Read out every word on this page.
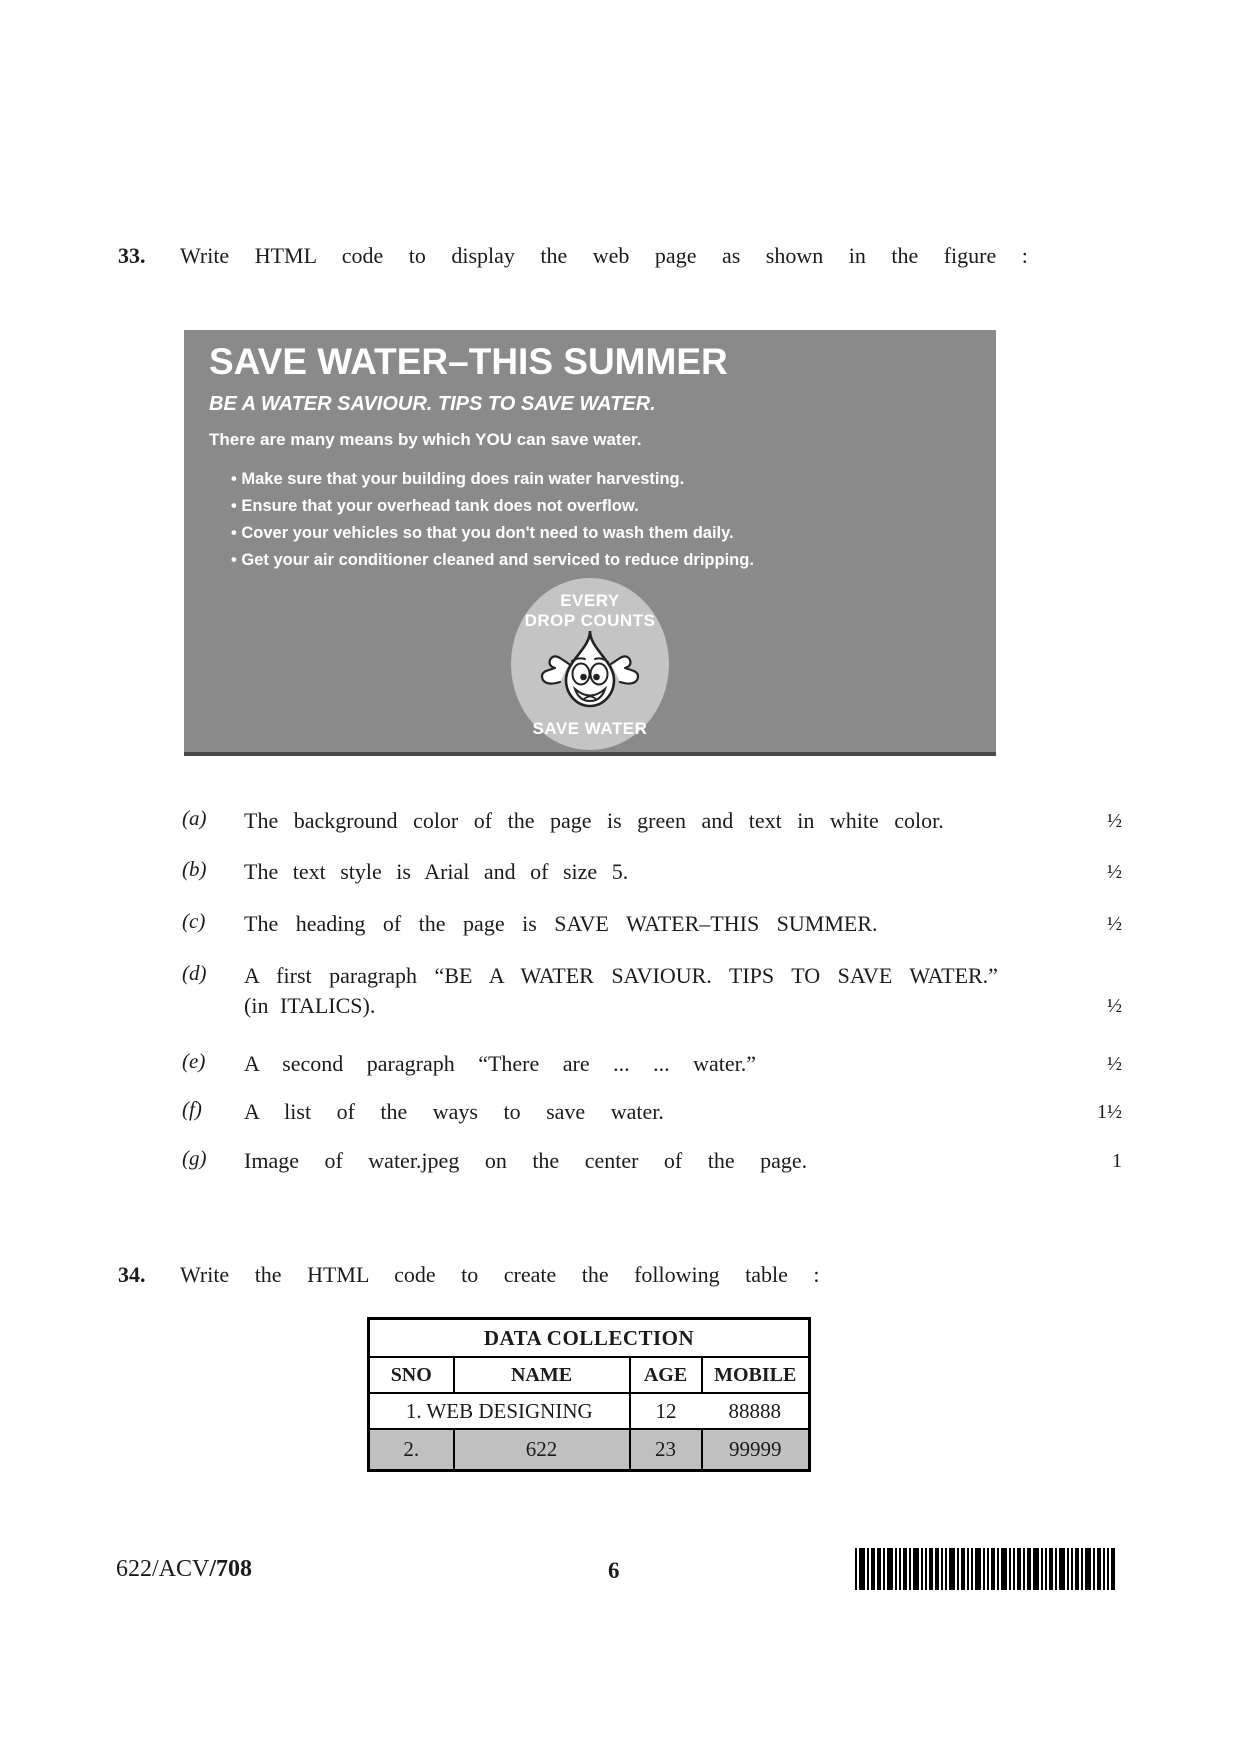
33. Write HTML code to display the web page as shown in the figure :
SAVE WATER–THIS SUMMER
BE A WATER SAVIOUR. TIPS TO SAVE WATER.
There are many means by which YOU can save water.
• Make sure that your building does rain water harvesting.
• Ensure that your overhead tank does not overflow.
• Cover your vehicles so that you don't need to wash them daily.
• Get your air conditioner cleaned and serviced to reduce dripping.
EVERY
DROP COUNTS
SAVE WATER
(a) The background color of the page is green and text in white color.	½
(b) The text style is Arial and of size 5.	½
(c) The heading of the page is SAVE WATER–THIS SUMMER.	½
(d) A first paragraph “BE A WATER SAVIOUR. TIPS TO SAVE WATER.”
(in ITALICS).	½
(e) A second paragraph “There are ... ... water.”	½
(f) A list of the ways to save water.	1½
(g) Image of water.jpeg on the center of the page.	1
34. Write the HTML code to create the following table :
DATA COLLECTION			
SNO	NAME	AGE	MOBILE
1. WEB DESIGNING		12	88888
2.	622	23	99999
622/ACV/708	6
